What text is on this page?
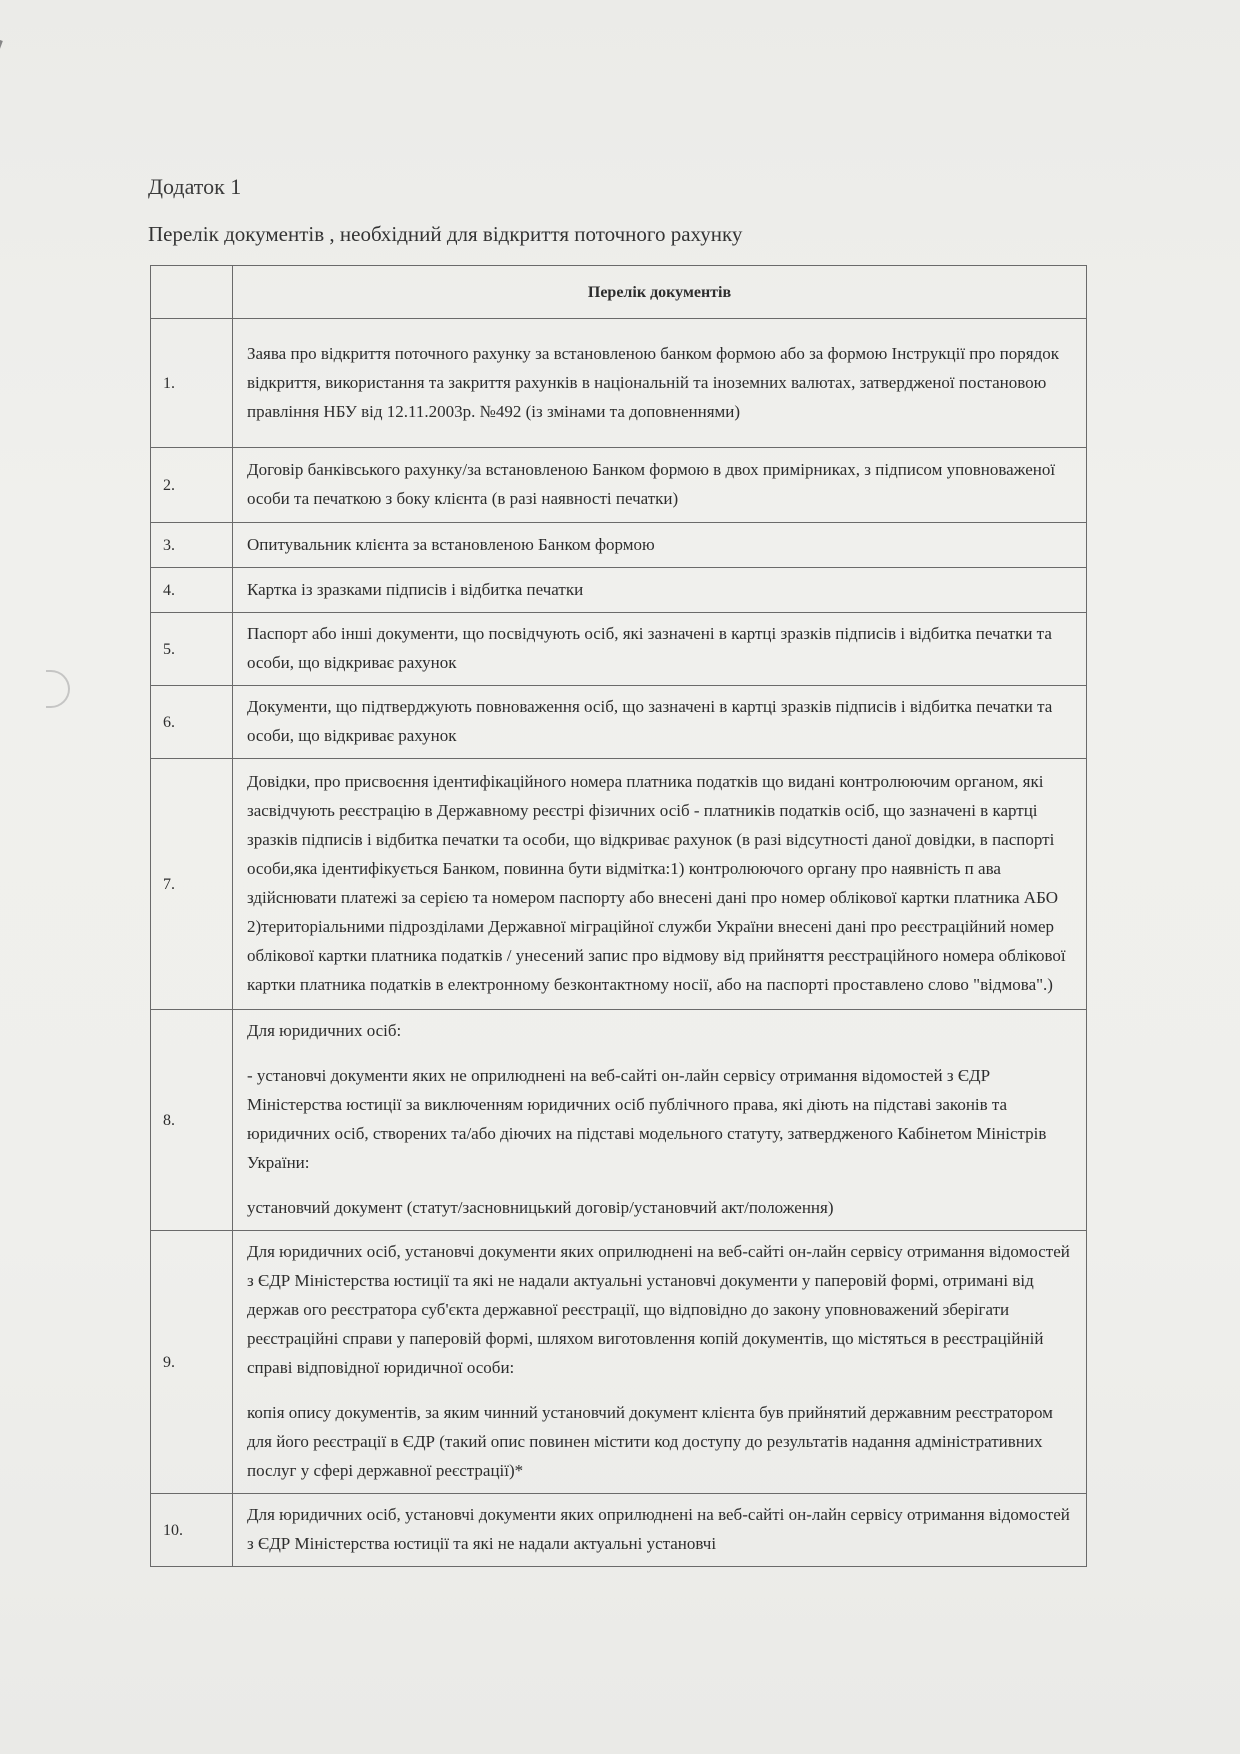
Додаток 1
Перелік документів , необхідний для відкриття поточного рахунку
	Перелік документів
1.	Заява про відкриття поточного рахунку за встановленою банком формою або за формою Інструкції про порядок відкриття, використання та закриття рахунків в національній та іноземних валютах, затвердженої постановою правління НБУ від 12.11.2003р. №492 (із змінами та доповненнями)

2.	Договір банківського рахунку/за встановленою Банком формою в двох примірниках, з підписом уповноваженої особи та печаткою з боку клієнта (в разі наявності печатки)

3.	Опитувальник клієнта за встановленою Банком формою

4.	Картка із зразками підписів і відбитка печатки

5.	Паспорт або інші документи, що посвідчують осіб, які зазначені в картці зразків підписів і відбитка печатки та особи, що відкриває рахунок

6.	Документи, що підтверджують повноваження осіб, що зазначені в картці зразків підписів і відбитка печатки та особи, що відкриває рахунок

7.	Довідки, про присвоєння ідентифікаційного номера платника податків що видані контролюючим органом, які засвідчують реєстрацію в Державному реєстрі фізичних осіб - платників податків осіб, що зазначені в картці зразків підписів і відбитка печатки та особи, що відкриває рахунок (в разі відсутності даної довідки, в паспорті особи,яка ідентифікується Банком, повинна бути відмітка:1) контролюючого органу про наявність п ава здійснювати платежі за серією та номером паспорту або внесені дані про номер облікової картки платника АБО 2)територіальними підрозділами Державної міграційної служби України внесені дані про реєстраційний номер облікової картки платника податків / унесений запис про відмову від прийняття реєстраційного номера облікової картки платника податків в електронному безконтактному носії, або на паспорті проставлено слово "відмова".)

8.	Для юридичних осіб:
- установчі документи яких не оприлюднені на веб-сайті он-лайн сервісу отримання відомостей з ЄДР Міністерства юстиції за виключенням юридичних осіб публічного права, які діють на підставі законів та юридичних осіб, створених та/або діючих на підставі модельного статуту, затвердженого Кабінетом Міністрів України:
установчий документ (статут/засновницький договір/установчий акт/положення)

9.	Для юридичних осіб, установчі документи яких оприлюднені на веб-сайті он-лайн сервісу отримання відомостей з ЄДР Міністерства юстиції та які не надали актуальні установчі документи у паперовій формі, отримані від держав ого реєстратора суб'єкта державної реєстрації, що відповідно до закону уповноважений зберігати реєстраційні справи у паперовій формі, шляхом виготовлення копій документів, що містяться в реєстраційній справі відповідної юридичної особи:
копія опису документів, за яким чинний установчий документ клієнта був прийнятий державним реєстратором для його реєстрації в ЄДР (такий опис повинен містити код доступу до результатів надання адміністративних послуг у сфері державної реєстрації)*

10.	Для юридичних осіб, установчі документи яких оприлюднені на веб-сайті он-лайн сервісу отримання відомостей з ЄДР Міністерства юстиції та які не надали актуальні установчі
